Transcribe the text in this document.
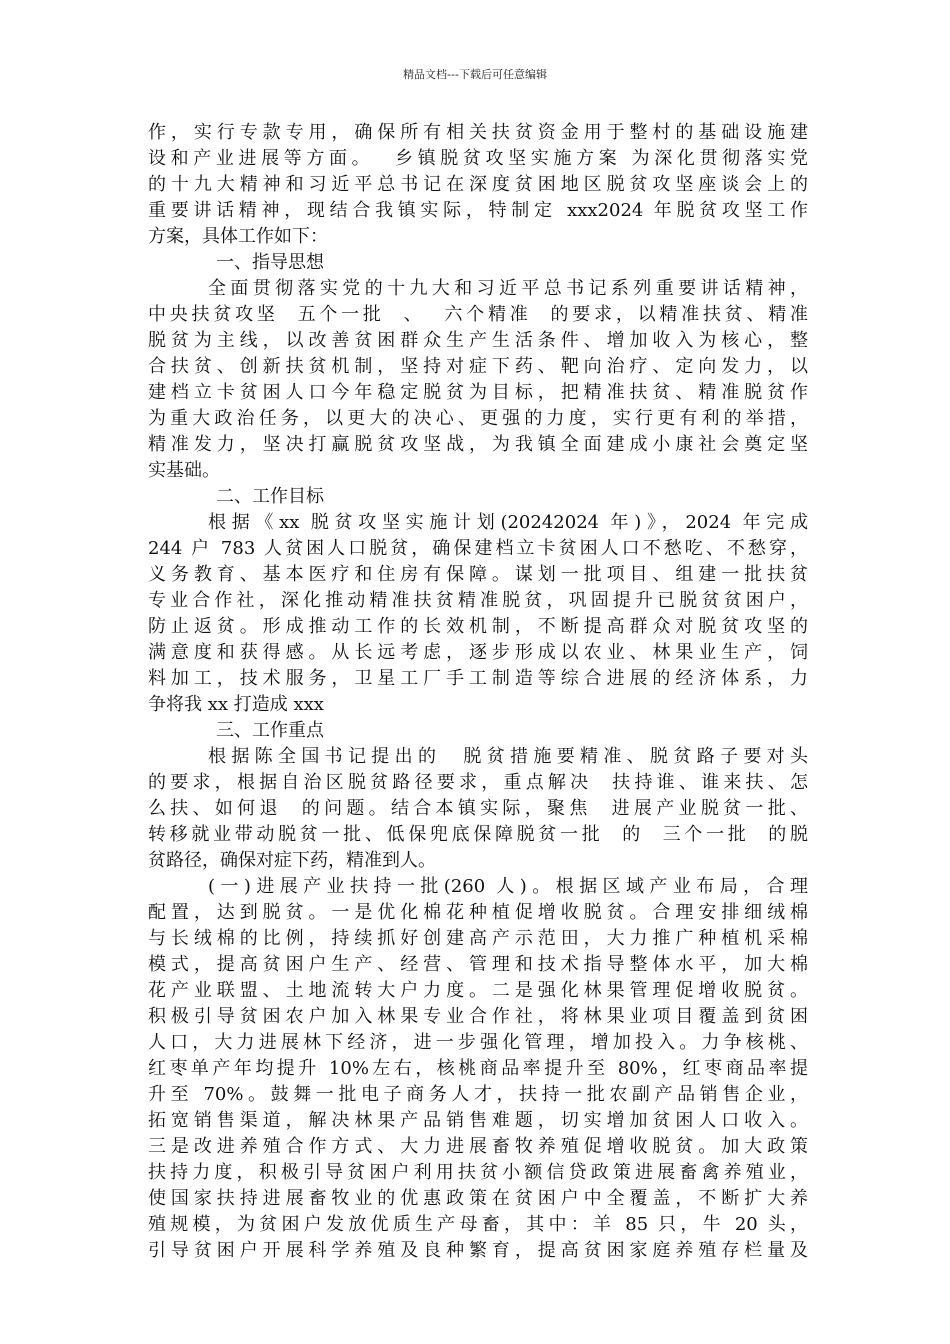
精品文档---下载后可任意编辑
作，实行专款专用，确保所有相关扶贫资金用于整村的基础设施建
设和产业进展等方面。  乡镇脱贫攻坚实施方案 为深化贯彻落实党
的十九大精神和习近平总书记在深度贫困地区脱贫攻坚座谈会上的
重要讲话精神，现结合我镇实际，特制定 xxx2024 年脱贫攻坚工作
方案，具体工作如下：
一、指导思想
全面贯彻落实党的十九大和习近平总书记系列重要讲话精神，
中央扶贫攻坚  五个一批  、  六个精准  的要求，以精准扶贫、精准
脱贫为主线，以改善贫困群众生产生活条件、增加收入为核心，整
合扶贫、创新扶贫机制，坚持对症下药、靶向治疗、定向发力，以
建档立卡贫困人口今年稳定脱贫为目标，把精准扶贫、精准脱贫作
为重大政治任务，以更大的决心、更强的力度，实行更有利的举措，
精准发力，坚决打赢脱贫攻坚战，为我镇全面建成小康社会奠定坚
实基础。
二、工作目标
根据《xx 脱贫攻坚实施计划(20242024 年)》，2024 年完成
244 户 783 人贫困人口脱贫，确保建档立卡贫困人口不愁吃、不愁穿，
义务教育、基本医疗和住房有保障。谋划一批项目、组建一批扶贫
专业合作社，深化推动精准扶贫精准脱贫，巩固提升已脱贫贫困户，
防止返贫。形成推动工作的长效机制，不断提高群众对脱贫攻坚的
满意度和获得感。从长远考虑，逐步形成以农业、林果业生产，饲
料加工，技术服务，卫星工厂手工制造等综合进展的经济体系，力
争将我 xx 打造成 xxx
三、工作重点
根据陈全国书记提出的  脱贫措施要精准、脱贫路子要对头
的要求，根据自治区脱贫路径要求，重点解决  扶持谁、谁来扶、怎
么扶、如何退  的问题。结合本镇实际，聚焦  进展产业脱贫一批、
转移就业带动脱贫一批、低保兜底保障脱贫一批  的  三个一批  的脱
贫路径，确保对症下药，精准到人。
(一)进展产业扶持一批(260 人)。根据区域产业布局，合理
配置，达到脱贫。一是优化棉花种植促增收脱贫。合理安排细绒棉
与长绒棉的比例，持续抓好创建高产示范田，大力推广种植机采棉
模式，提高贫困户生产、经营、管理和技术指导整体水平，加大棉
花产业联盟、土地流转大户力度。二是强化林果管理促增收脱贫。
积极引导贫困农户加入林果专业合作社，将林果业项目覆盖到贫困
人口，大力进展林下经济，进一步强化管理，增加投入。力争核桃、
红枣单产年均提升 10%左右，核桃商品率提升至 80%，红枣商品率提
升至 70%。鼓舞一批电子商务人才，扶持一批农副产品销售企业，
拓宽销售渠道，解决林果产品销售难题，切实增加贫困人口收入。
三是改进养殖合作方式、大力进展畜牧养殖促增收脱贫。加大政策
扶持力度，积极引导贫困户利用扶贫小额信贷政策进展畜禽养殖业，
使国家扶持进展畜牧业的优惠政策在贫困户中全覆盖，不断扩大养
殖规模，为贫困户发放优质生产母畜，其中：羊 85 只，牛 20 头，
引导贫困户开展科学养殖及良种繁育，提高贫困家庭养殖存栏量及
